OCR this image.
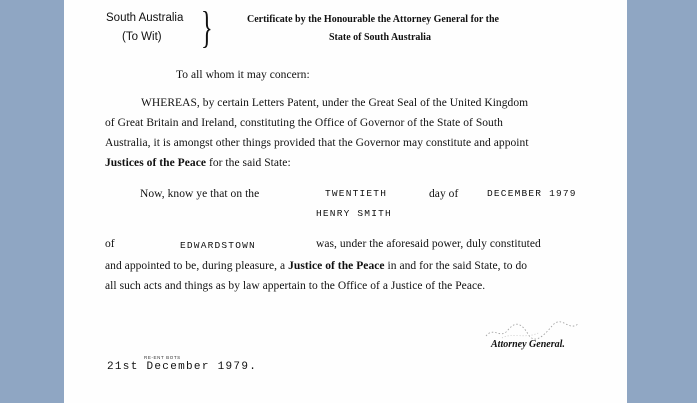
South Australia
(To Wit) }	Certificate by the Honourable the Attorney General for the
State of South Australia
To all whom it may concern:
WHEREAS, by certain Letters Patent, under the Great Seal of the United Kingdom
of Great Britain and Ireland, constituting the Office of Governor of the State of South
Australia, it is amongst other things provided that the Governor may constitute and appoint
Justices of the Peace for the said State:
Now, know ye that on the	TWENTIETH	day of	DECEMBER 1979
HENRY SMITH
of	EDWARDSTOWN	was, under the aforesaid power, duly constituted
and appointed to be, during pleasure, a Justice of the Peace in and for the said State, to do
all such acts and things as by law appertain to the Office of a Justice of the Peace.
Attorney General.
RE-ENT BOTS
21st December 1979.
